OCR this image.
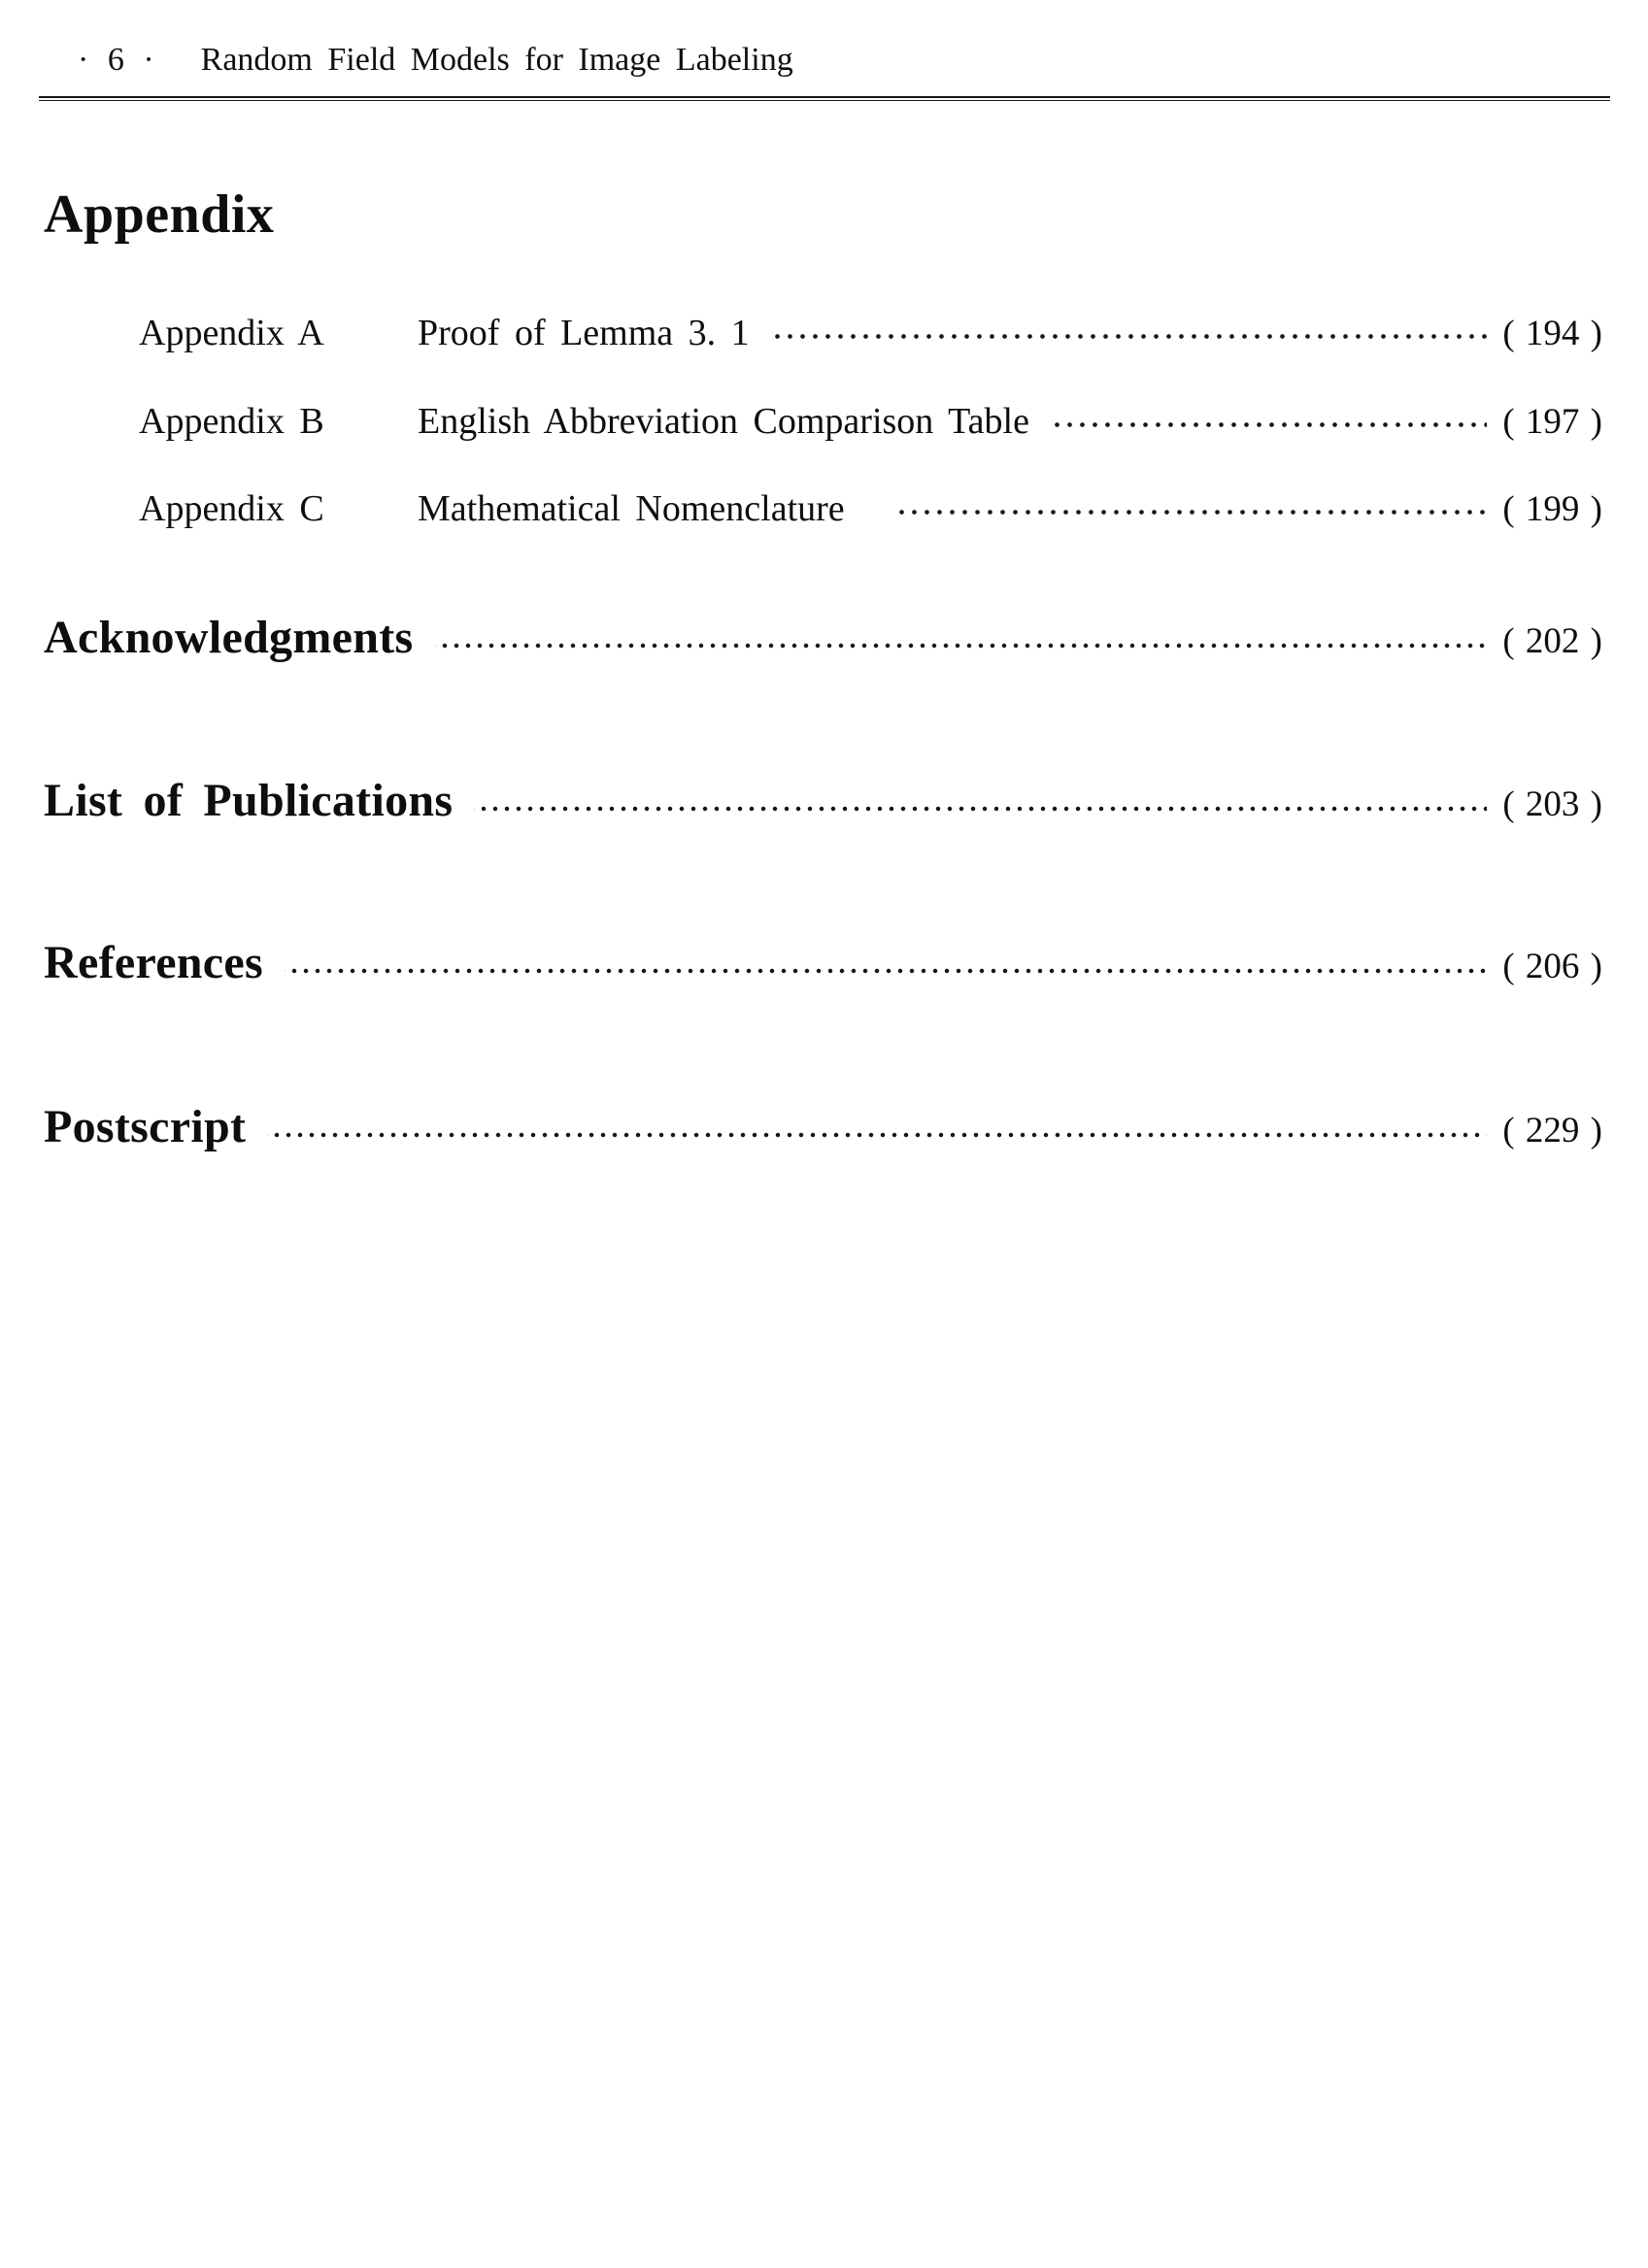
· 6 · Random Field Models for Image Labeling
Appendix
Appendix A	Proof of Lemma 3. 1	( 194 )
Appendix B	English Abbreviation Comparison Table	( 197 )
Appendix C	Mathematical Nomenclature	( 199 )
Acknowledgments	( 202 )
List of Publications	( 203 )
References	( 206 )
Postscript	( 229 )
